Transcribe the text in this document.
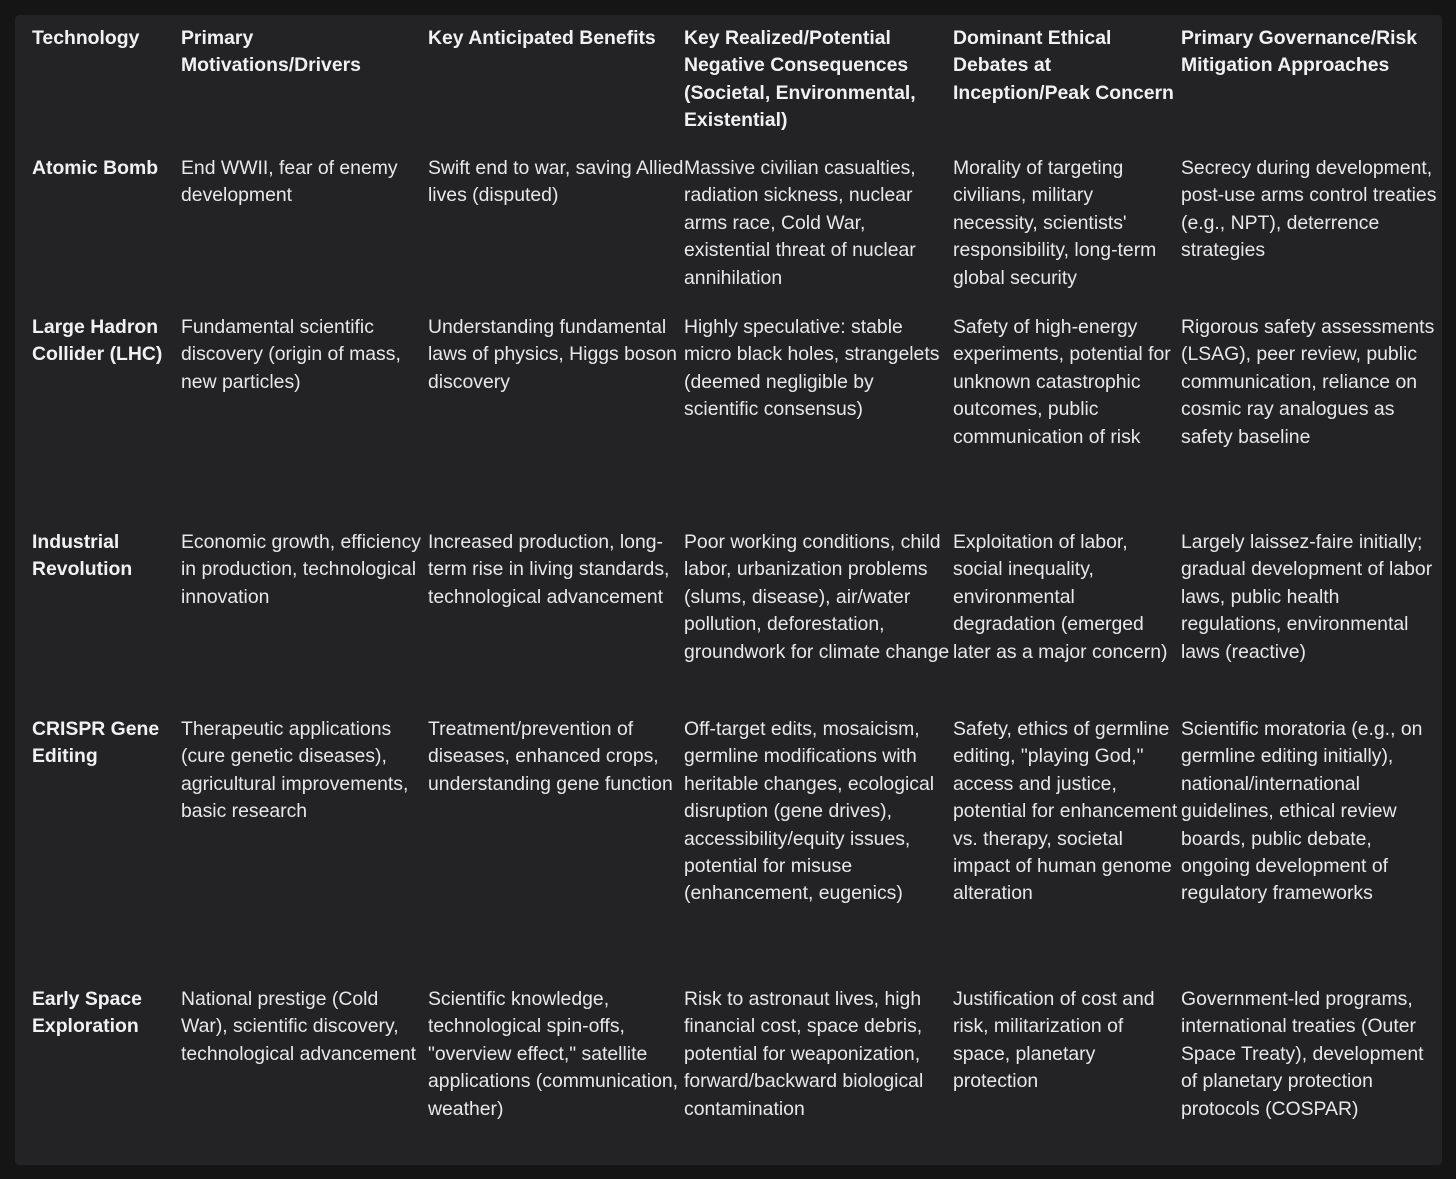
Technology	Primary Motivations/Drivers	Key Anticipated Benefits	Key Realized/Potential Negative Consequences (Societal, Environmental, Existential)	Dominant Ethical Debates at Inception/Peak Concern	Primary Governance/Risk Mitigation Approaches
Atomic Bomb	End WWII, fear of enemy development	Swift end to war, saving Allied lives (disputed)	Massive civilian casualties, radiation sickness, nuclear arms race, Cold War, existential threat of nuclear annihilation	Morality of targeting civilians, military necessity, scientists' responsibility, long-term global security	Secrecy during development, post-use arms control treaties (e.g., NPT), deterrence strategies
Large Hadron Collider (LHC)	Fundamental scientific discovery (origin of mass, new particles)	Understanding fundamental laws of physics, Higgs boson discovery	Highly speculative: stable micro black holes, strangelets (deemed negligible by scientific consensus)	Safety of high-energy experiments, potential for unknown catastrophic outcomes, public communication of risk	Rigorous safety assessments (LSAG), peer review, public communication, reliance on cosmic ray analogues as safety baseline
Industrial Revolution	Economic growth, efficiency in production, technological innovation	Increased production, long-term rise in living standards, technological advancement	Poor working conditions, child labor, urbanization problems (slums, disease), air/water pollution, deforestation, groundwork for climate change	Exploitation of labor, social inequality, environmental degradation (emerged later as a major concern)	Largely laissez-faire initially; gradual development of labor laws, public health regulations, environmental laws (reactive)
CRISPR Gene Editing	Therapeutic applications (cure genetic diseases), agricultural improvements, basic research	Treatment/prevention of diseases, enhanced crops, understanding gene function	Off-target edits, mosaicism, germline modifications with heritable changes, ecological disruption (gene drives), accessibility/equity issues, potential for misuse (enhancement, eugenics)	Safety, ethics of germline editing, "playing God," access and justice, potential for enhancement vs. therapy, societal impact of human genome alteration	Scientific moratoria (e.g., on germline editing initially), national/international guidelines, ethical review boards, public debate, ongoing development of regulatory frameworks
Early Space Exploration	National prestige (Cold War), scientific discovery, technological advancement	Scientific knowledge, technological spin-offs, "overview effect," satellite applications (communication, weather)	Risk to astronaut lives, high financial cost, space debris, potential for weaponization, forward/backward biological contamination	Justification of cost and risk, militarization of space, planetary protection	Government-led programs, international treaties (Outer Space Treaty), development of planetary protection protocols (COSPAR)
